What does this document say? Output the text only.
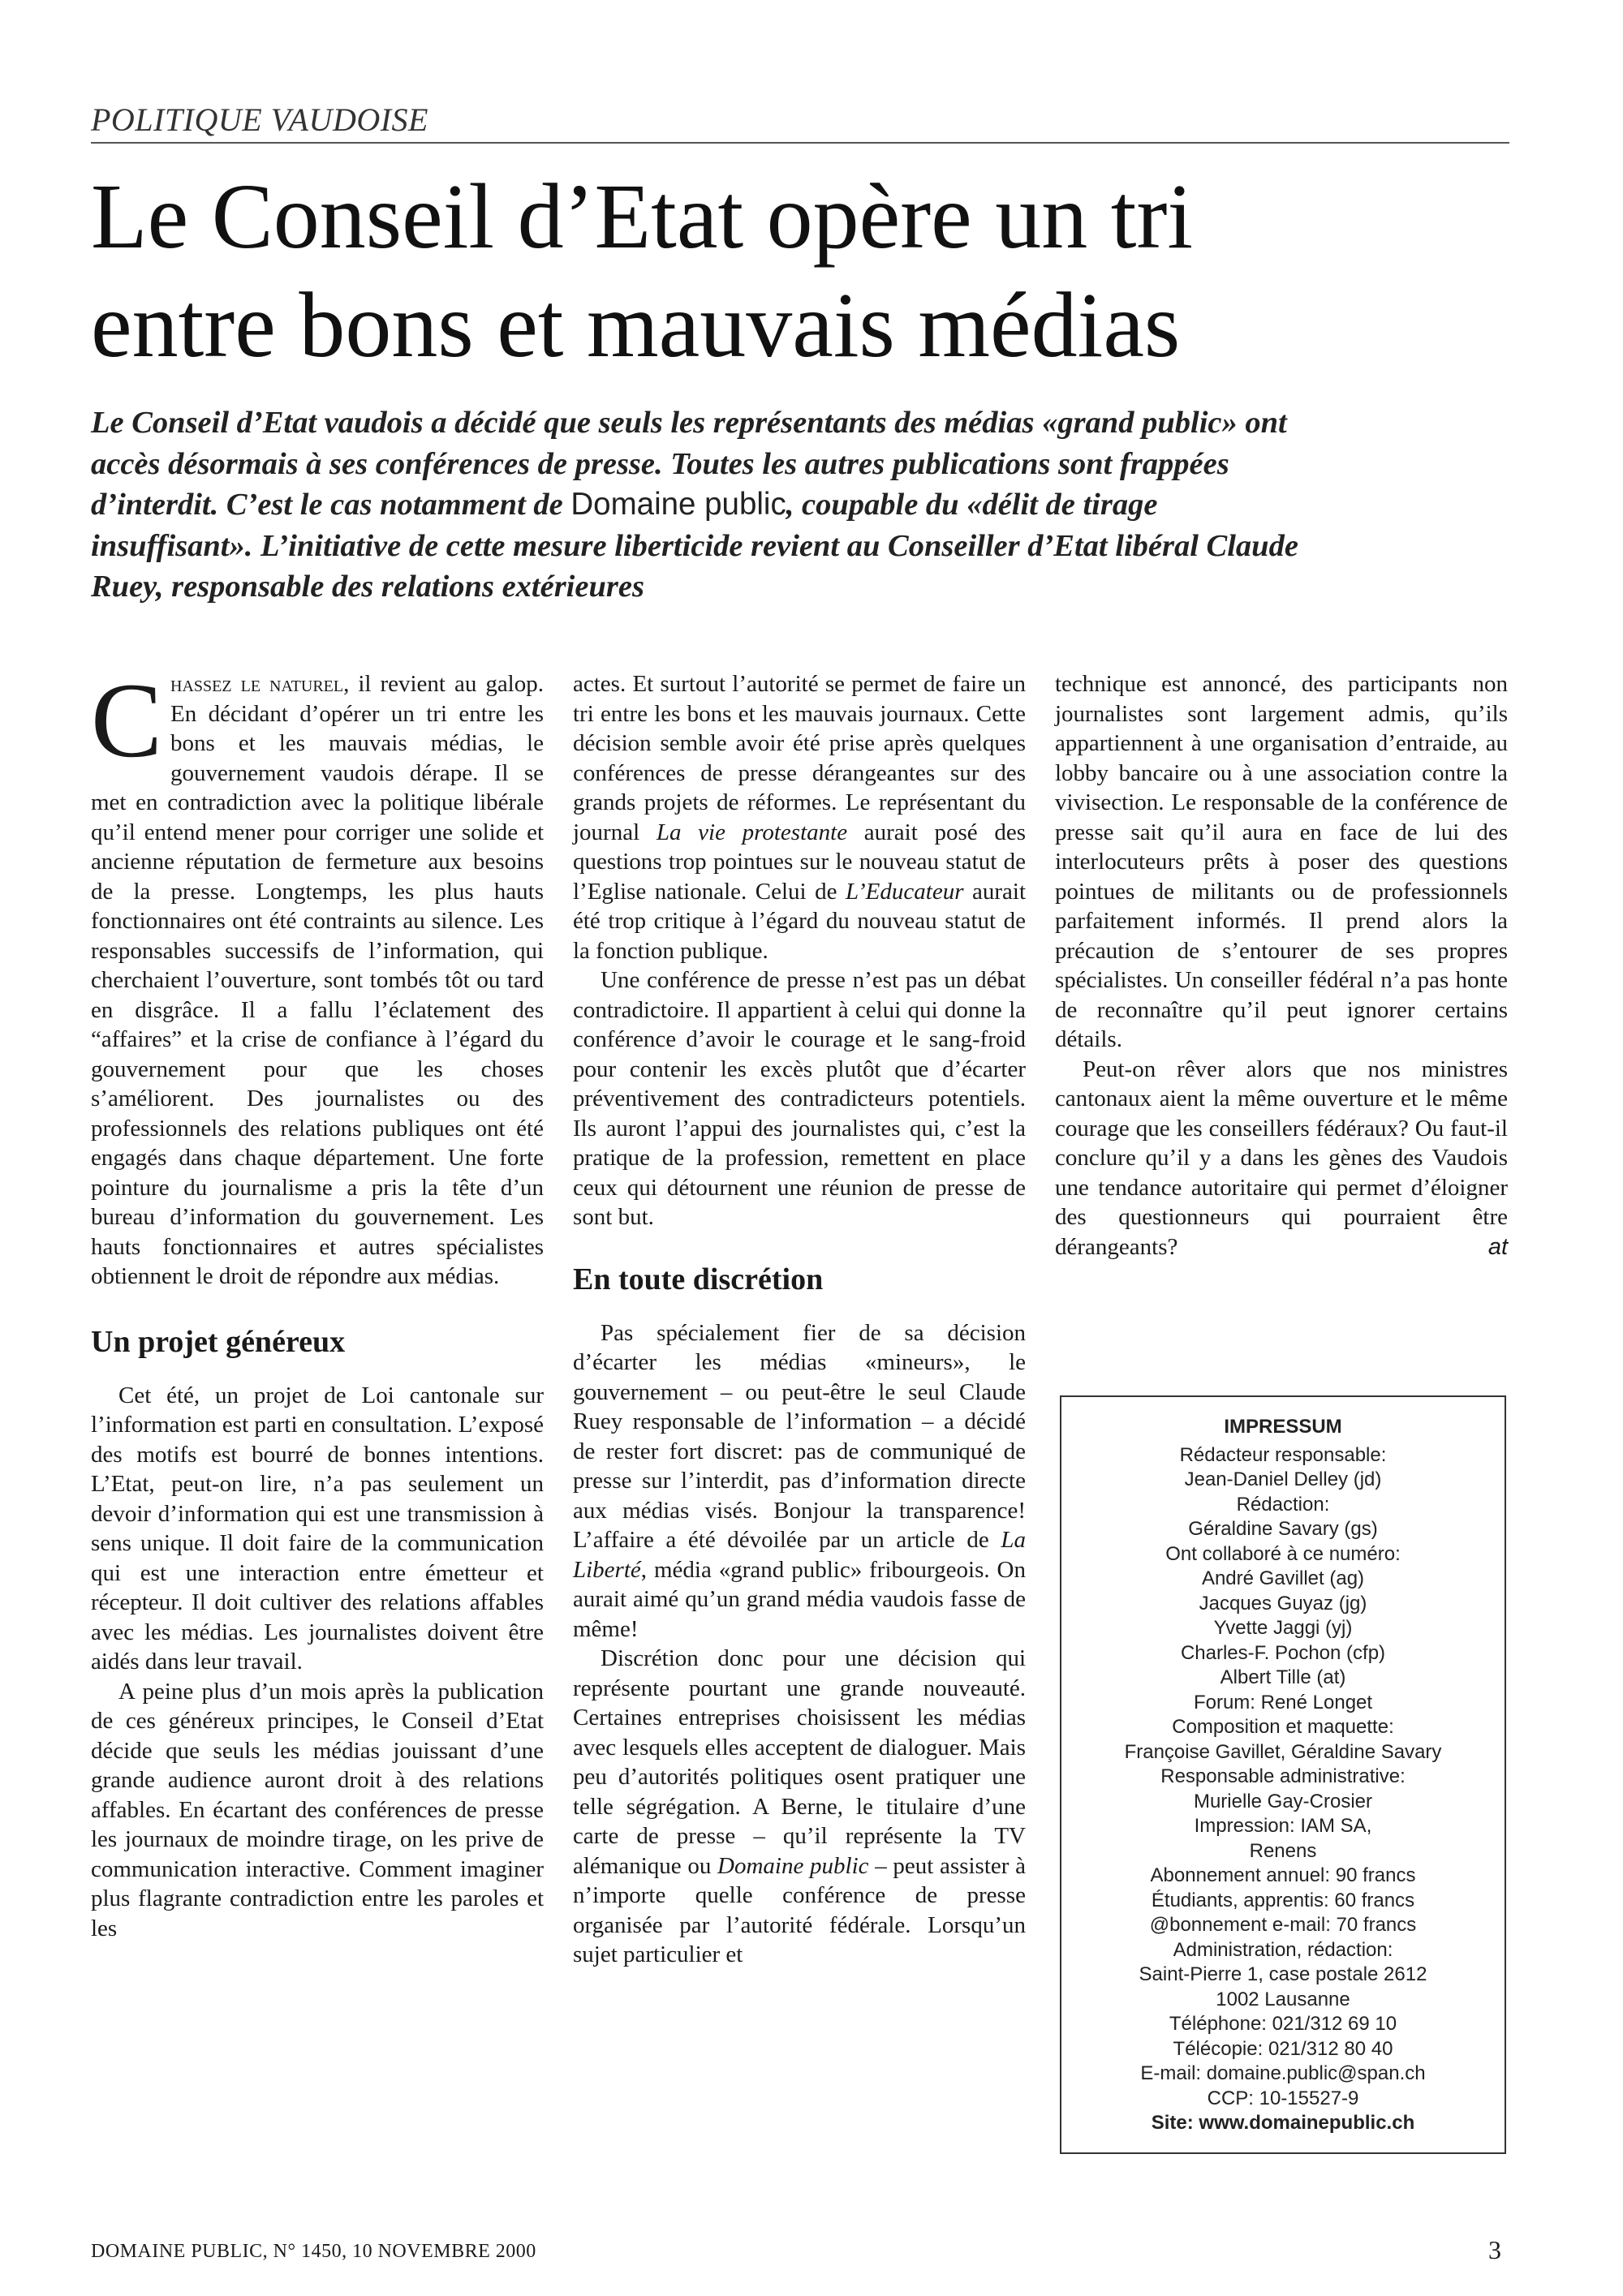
POLITIQUE VAUDOISE
Le Conseil d’Etat opère un tri
entre bons et mauvais médias
Le Conseil d’Etat vaudois a décidé que seuls les représentants des médias «grand public» ont accès désormais à ses conférences de presse. Toutes les autres publications sont frappées d’interdit. C’est le cas notamment de Domaine public, coupable du «délit de tirage insuffisant». L’initiative de cette mesure liberticide revient au Conseiller d’Etat libéral Claude Ruey, responsable des relations extérieures

Chassez le naturel, il revient au galop. En décidant d’opérer un tri entre les bons et les mauvais médias, le gouvernement vaudois dérape. Il se met en contradiction avec la politique libérale qu’il entend mener pour corriger une solide et ancienne réputation de fermeture aux besoins de la presse. Longtemps, les plus hauts fonctionnaires ont été contraints au silence. Les responsables successifs de l’information, qui cherchaient l’ouverture, sont tombés tôt ou tard en disgrâce. Il a fallu l’éclatement des “affaires” et la crise de confiance à l’égard du gouvernement pour que les choses s’améliorent. Des journalistes ou des professionnels des relations publiques ont été engagés dans chaque département. Une forte pointure du journalisme a pris la tête d’un bureau d’information du gouvernement. Les hauts fonctionnaires et autres spécialistes obtiennent le droit de répondre aux médias.

Un projet généreux

Cet été, un projet de Loi cantonale sur l’information est parti en consultation. L’exposé des motifs est bourré de bonnes intentions. L’Etat, peut-on lire, n’a pas seulement un devoir d’information qui est une transmission à sens unique. Il doit faire de la communication qui est une interaction entre émetteur et récepteur. Il doit cultiver des relations affables avec les médias. Les journalistes doivent être aidés dans leur travail.

A peine plus d’un mois après la publication de ces généreux principes, le Conseil d’Etat décide que seuls les médias jouissant d’une grande audience auront droit à des relations affables. En écartant des conférences de presse les journaux de moindre tirage, on les prive de communication interactive. Comment imaginer plus flagrante contradiction entre les paroles et les

actes. Et surtout l’autorité se permet de faire un tri entre les bons et les mauvais journaux. Cette décision semble avoir été prise après quelques conférences de presse dérangeantes sur des grands projets de réformes. Le représentant du journal La vie protestante aurait posé des questions trop pointues sur le nouveau statut de l’Eglise nationale. Celui de L’Educateur aurait été trop critique à l’égard du nouveau statut de la fonction publique.

Une conférence de presse n’est pas un débat contradictoire. Il appartient à celui qui donne la conférence d’avoir le courage et le sang-froid pour contenir les excès plutôt que d’écarter préventivement des contradicteurs potentiels. Ils auront l’appui des journalistes qui, c’est la pratique de la profession, remettent en place ceux qui détournent une réunion de presse de sont but.

En toute discrétion

Pas spécialement fier de sa décision d’écarter les médias «mineurs», le gouvernement – ou peut-être le seul Claude Ruey responsable de l’information – a décidé de rester fort discret: pas de communiqué de presse sur l’interdit, pas d’information directe aux médias visés. Bonjour la transparence! L’affaire a été dévoilée par un article de La Liberté, média «grand public» fribourgeois. On aurait aimé qu’un grand média vaudois fasse de même!

Discrétion donc pour une décision qui représente pourtant une grande nouveauté. Certaines entreprises choisissent les médias avec lesquels elles acceptent de dialoguer. Mais peu d’autorités politiques osent pratiquer une telle ségrégation. A Berne, le titulaire d’une carte de presse – qu’il représente la TV alémanique ou Domaine public – peut assister à n’importe quelle conférence de presse organisée par l’autorité fédérale. Lorsqu’un sujet particulier et

technique est annoncé, des participants non journalistes sont largement admis, qu’ils appartiennent à une organisation d’entraide, au lobby bancaire ou à une association contre la vivisection. Le responsable de la conférence de presse sait qu’il aura en face de lui des interlocuteurs prêts à poser des questions pointues de militants ou de professionnels parfaitement informés. Il prend alors la précaution de s’entourer de ses propres spécialistes. Un conseiller fédéral n’a pas honte de reconnaître qu’il peut ignorer certains détails.

Peut-on rêver alors que nos ministres cantonaux aient la même ouverture et le même courage que les conseillers fédéraux? Ou faut-il conclure qu’il y a dans les gènes des Vaudois une tendance autoritaire qui permet d’éloigner des questionneurs qui pourraient être dérangeants?	at

IMPRESSUM
Rédacteur responsable:
Jean-Daniel Delley (jd)
Rédaction:
Géraldine Savary (gs)
Ont collaboré à ce numéro:
André Gavillet (ag)
Jacques Guyaz (jg)
Yvette Jaggi (yj)
Charles-F. Pochon (cfp)
Albert Tille (at)
Forum: René Longet
Composition et maquette:
Françoise Gavillet, Géraldine Savary
Responsable administrative:
Murielle Gay-Crosier
Impression: IAM SA,
Renens
Abonnement annuel: 90 francs
Étudiants, apprentis: 60 francs
@bonnement e-mail: 70 francs
Administration, rédaction:
Saint-Pierre 1, case postale 2612
1002 Lausanne
Téléphone: 021/312 69 10
Télécopie: 021/312 80 40
E-mail: domaine.public@span.ch
CCP: 10-15527-9
Site: www.domainepublic.ch
DOMAINE PUBLIC, N° 1450, 10 NOVEMBRE 2000	3
